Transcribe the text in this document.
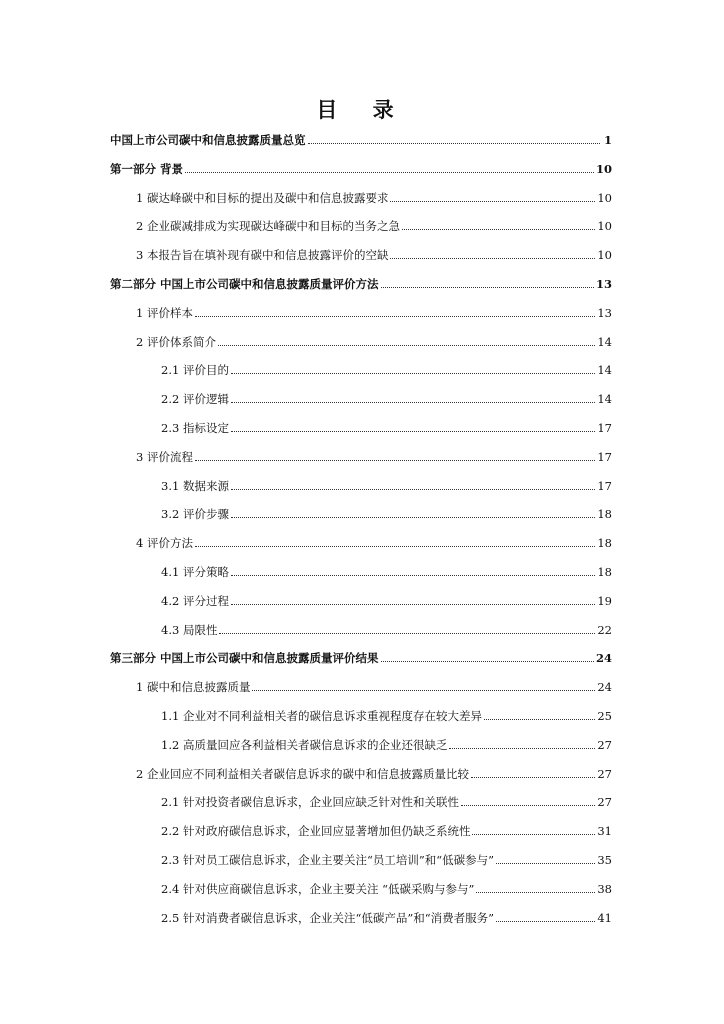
目 录
中国上市公司碳中和信息披露质量总览	1
第一部分 背景	10
1 碳达峰碳中和目标的提出及碳中和信息披露要求	10
2 企业碳减排成为实现碳达峰碳中和目标的当务之急	10
3 本报告旨在填补现有碳中和信息披露评价的空缺	10
第二部分 中国上市公司碳中和信息披露质量评价方法	13
1 评价样本	13
2 评价体系简介	14
2.1 评价目的	14
2.2 评价逻辑	14
2.3 指标设定	17
3 评价流程	17
3.1 数据来源	17
3.2 评价步骤	18
4 评价方法	18
4.1 评分策略	18
4.2 评分过程	19
4.3 局限性	22
第三部分 中国上市公司碳中和信息披露质量评价结果	24
1 碳中和信息披露质量	24
1.1 企业对不同利益相关者的碳信息诉求重视程度存在较大差异	25
1.2 高质量回应各利益相关者碳信息诉求的企业还很缺乏	27
2 企业回应不同利益相关者碳信息诉求的碳中和信息披露质量比较	27
2.1 针对投资者碳信息诉求，企业回应缺乏针对性和关联性	27
2.2 针对政府碳信息诉求，企业回应显著增加但仍缺乏系统性	31
2.3 针对员工碳信息诉求，企业主要关注“员工培训”和“低碳参与”	35
2.4 针对供应商碳信息诉求，企业主要关注 “低碳采购与参与”	38
2.5 针对消费者碳信息诉求，企业关注“低碳产品”和“消费者服务”	41
